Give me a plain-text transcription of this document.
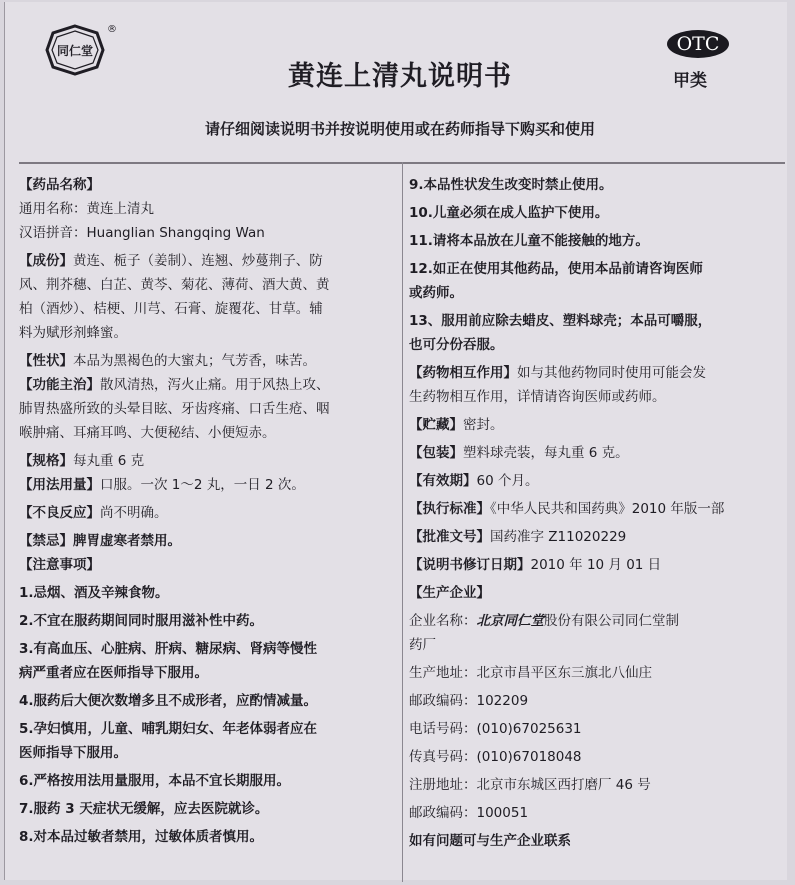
同仁堂
®
黄连上清丸说明书
OTC
甲类
请仔细阅读说明书并按说明使用或在药师指导下购买和使用

【药品名称】

通用名称：黄连上清丸

汉语拼音：Huanglian Shangqing Wan

【成份】黄连、栀子（姜制）、连翘、炒蔓荆子、防

风、荆芥穗、白芷、黄芩、菊花、薄荷、酒大黄、黄

柏（酒炒）、桔梗、川芎、石膏、旋覆花、甘草。辅

料为赋形剂蜂蜜。

【性状】本品为黑褐色的大蜜丸；气芳香，味苦。

【功能主治】散风清热，泻火止痛。用于风热上攻、

肺胃热盛所致的头晕目眩、牙齿疼痛、口舌生疮、咽

喉肿痛、耳痛耳鸣、大便秘结、小便短赤。

【规格】每丸重 6 克

【用法用量】口服。一次 1～2 丸，一日 2 次。

【不良反应】尚不明确。

【禁忌】脾胃虚寒者禁用。

【注意事项】

1.忌烟、酒及辛辣食物。

2.不宜在服药期间同时服用滋补性中药。

3.有高血压、心脏病、肝病、糖尿病、肾病等慢性

病严重者应在医师指导下服用。

4.服药后大便次数增多且不成形者，应酌情减量。

5.孕妇慎用，儿童、哺乳期妇女、年老体弱者应在

医师指导下服用。

6.严格按用法用量服用，本品不宜长期服用。

7.服药 3 天症状无缓解，应去医院就诊。

8.对本品过敏者禁用，过敏体质者慎用。

9.本品性状发生改变时禁止使用。

10.儿童必须在成人监护下使用。

11.请将本品放在儿童不能接触的地方。

12.如正在使用其他药品，使用本品前请咨询医师

或药师。

13、服用前应除去蜡皮、塑料球壳；本品可嚼服，

也可分份吞服。

【药物相互作用】如与其他药物同时使用可能会发

生药物相互作用，详情请咨询医师或药师。

【贮藏】密封。

【包装】塑料球壳装，每丸重 6 克。

【有效期】60 个月。

【执行标准】《中华人民共和国药典》2010 年版一部

【批准文号】国药准字 Z11020229

【说明书修订日期】2010 年 10 月 01 日

【生产企业】

企业名称：北京同仁堂股份有限公司同仁堂制

药厂

生产地址：北京市昌平区东三旗北八仙庄

邮政编码：102209

电话号码：(010)67025631

传真号码：(010)67018048

注册地址：北京市东城区西打磨厂 46 号

邮政编码：100051

如有问题可与生产企业联系
